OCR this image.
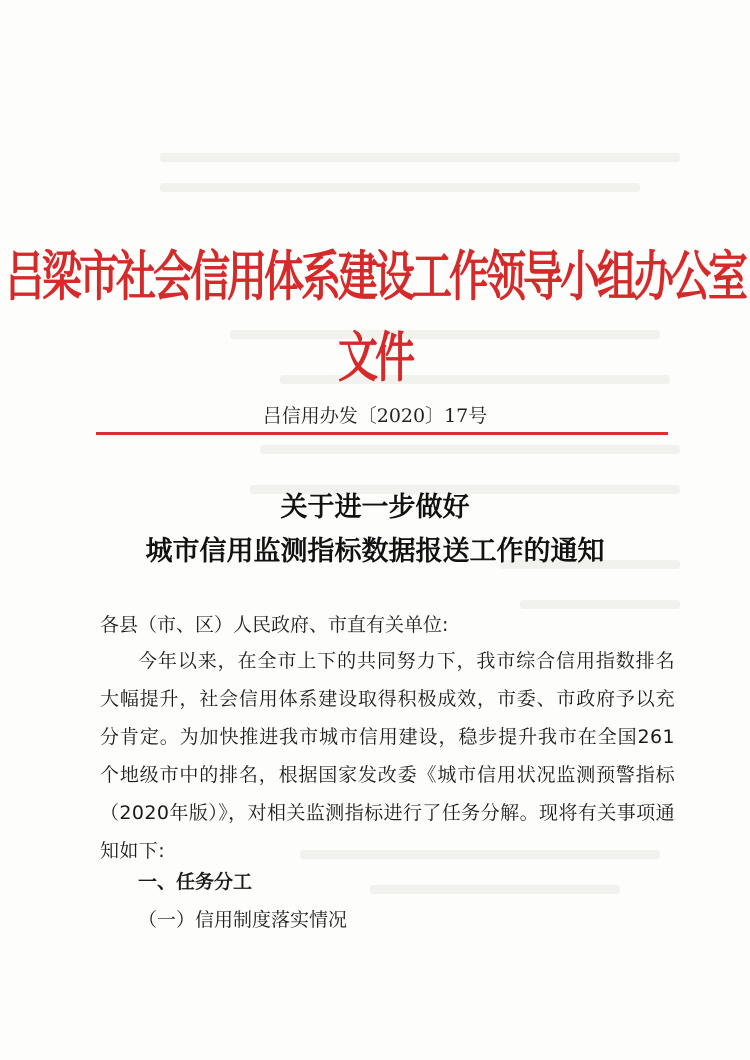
吕梁市社会信用体系建设工作领导小组办公室文件
吕信用办发〔2020〕17号
关于进一步做好
城市信用监测指标数据报送工作的通知
各县（市、区）人民政府、市直有关单位:
今年以来，在全市上下的共同努力下，我市综合信用指数排名大幅提升，社会信用体系建设取得积极成效，市委、市政府予以充分肯定。为加快推进我市城市信用建设，稳步提升我市在全国261个地级市中的排名，根据国家发改委《城市信用状况监测预警指标（2020年版）》，对相关监测指标进行了任务分解。现将有关事项通知如下:
一、任务分工
（一）信用制度落实情况
